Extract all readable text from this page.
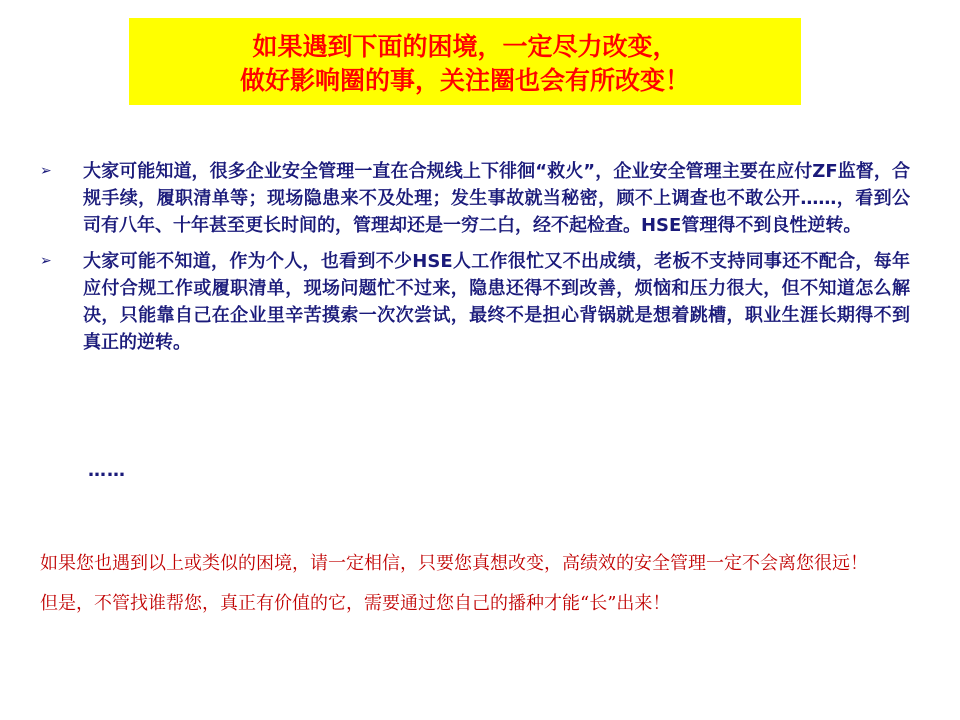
如果遇到下面的困境，一定尽力改变，
做好影响圈的事，关注圈也会有所改变！
➢	大家可能知道，很多企业安全管理一直在合规线上下徘徊“救火”，企业安全管理主要在应付ZF监督，合规手续，履职清单等；现场隐患来不及处理；发生事故就当秘密，顾不上调查也不敢公开……，看到公司有八年、十年甚至更长时间的，管理却还是一穷二白，经不起检查。HSE管理得不到良性逆转。
➢	大家可能不知道，作为个人，也看到不少HSE人工作很忙又不出成绩，老板不支持同事还不配合，每年应付合规工作或履职清单，现场问题忙不过来，隐患还得不到改善，烦恼和压力很大，但不知道怎么解决，只能靠自己在企业里辛苦摸索一次次尝试，最终不是担心背锅就是想着跳槽，职业生涯长期得不到真正的逆转。
……

如果您也遇到以上或类似的困境，请一定相信，只要您真想改变，高绩效的安全管理一定不会离您很远！

但是，不管找谁帮您，真正有价值的它，需要通过您自己的播种才能“长”出来！
